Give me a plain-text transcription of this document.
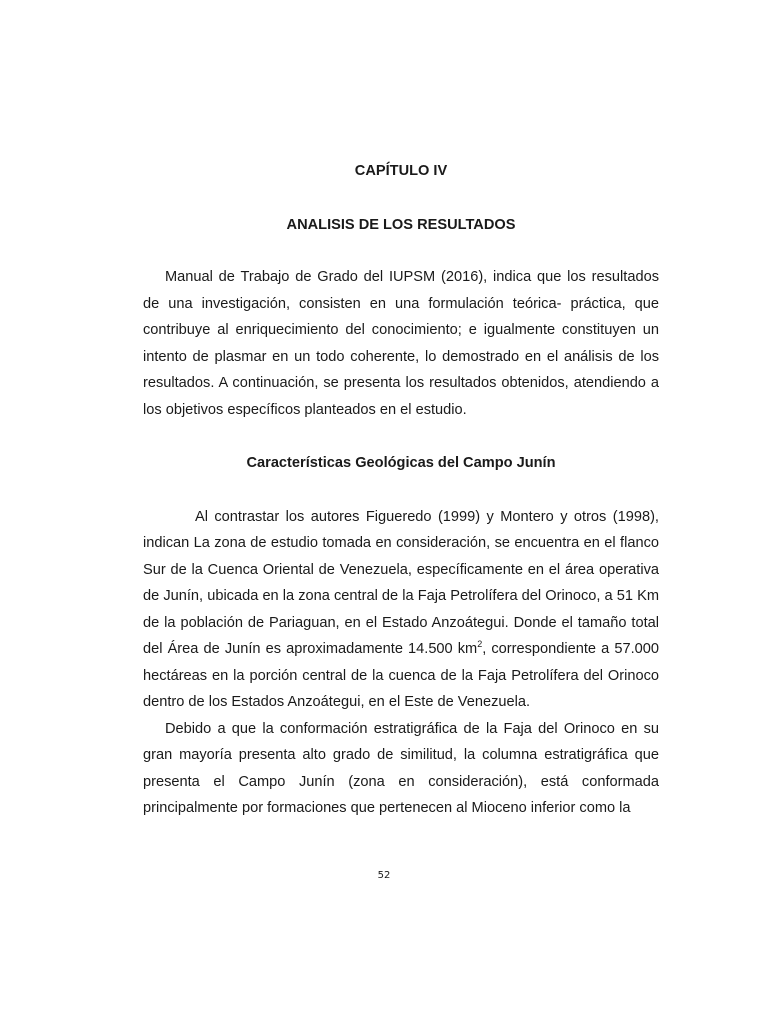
CAPÍTULO IV
ANALISIS DE LOS RESULTADOS

Manual de Trabajo de Grado del IUPSM (2016), indica que los resultados de una investigación, consisten en una formulación teórica- práctica, que contribuye al enriquecimiento del conocimiento; e igualmente constituyen un intento de plasmar en un todo coherente, lo demostrado en el análisis de los resultados. A continuación, se presenta los resultados obtenidos, atendiendo a los objetivos específicos planteados en el estudio.

Características Geológicas del Campo Junín

Al contrastar los autores Figueredo (1999) y Montero y otros (1998), indican La zona de estudio tomada en consideración, se encuentra en el flanco Sur de la Cuenca Oriental de Venezuela, específicamente en el área operativa de Junín, ubicada en la zona central de la Faja Petrolífera del Orinoco, a 51 Km de la población de Pariaguan, en el Estado Anzoátegui. Donde el tamaño total del Área de Junín es aproximadamente 14.500 $km^2$, correspondiente a 57.000 hectáreas en la porción central de la cuenca de la Faja Petrolífera del Orinoco dentro de los Estados Anzoátegui, en el Este de Venezuela.

Debido a que la conformación estratigráfica de la Faja del Orinoco en su gran mayoría presenta alto grado de similitud, la columna estratigráfica que presenta el Campo Junín (zona en consideración), está conformada principalmente por formaciones que pertenecen al Mioceno inferior como la

52
